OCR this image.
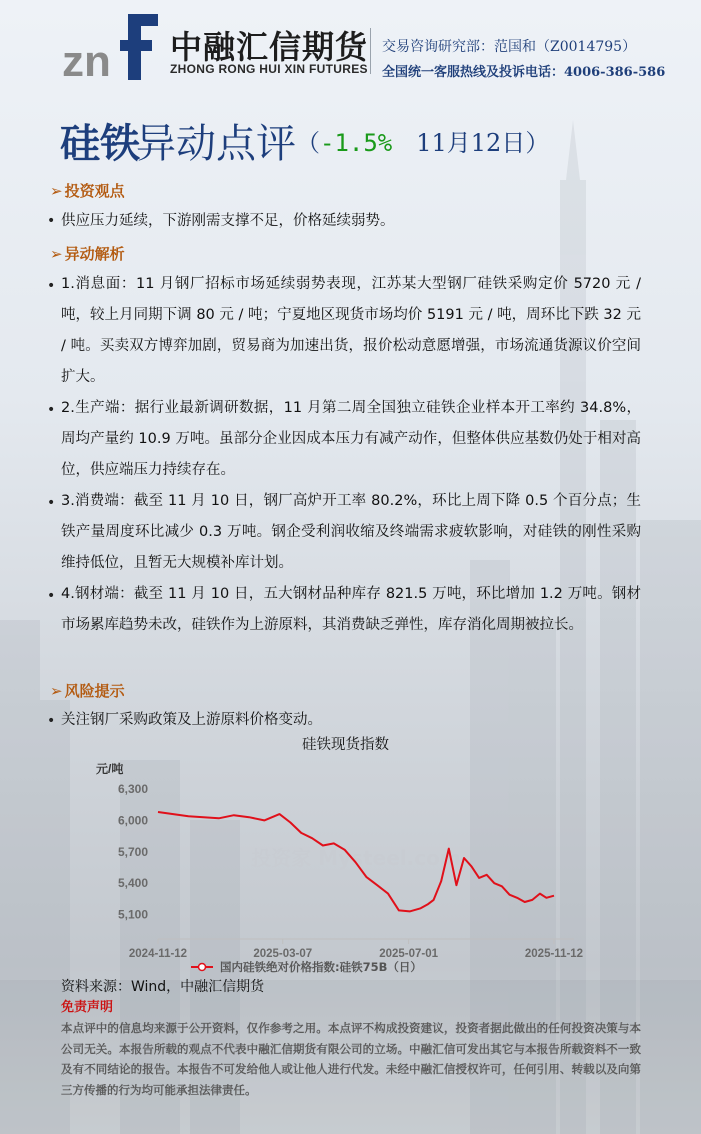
zn 中融汇信期货
ZHONG RONG HUI XIN FUTURES
交易咨询研究部：范国和（Z0014795）
全国统一客服热线及投诉电话：4006-386-586
硅铁异动点评（-1.5% 11月12日）
➢ 投资观点
• 供应压力延续，下游刚需支撑不足，价格延续弱势。
➢ 异动解析
• 1.消息面：11 月钢厂招标市场延续弱势表现，江苏某大型钢厂硅铁采购定价 5720 元 / 吨，较上月同期下调 80 元 / 吨；宁夏地区现货市场均价 5191 元 / 吨，周环比下跌 32 元 / 吨。买卖双方博弈加剧，贸易商为加速出货，报价松动意愿增强，市场流通货源议价空间扩大。
• 2.生产端：据行业最新调研数据，11 月第二周全国独立硅铁企业样本开工率约 34.8%，周均产量约 10.9 万吨。虽部分企业因成本压力有减产动作，但整体供应基数仍处于相对高位，供应端压力持续存在。
• 3.消费端：截至 11 月 10 日，钢厂高炉开工率 80.2%，环比上周下降 0.5 个百分点；生铁产量周度环比减少 0.3 万吨。钢企受利润收缩及终端需求疲软影响，对硅铁的刚性采购维持低位，且暂无大规模补库计划。
• 4.钢材端：截至 11 月 10 日，五大钢材品种库存 821.5 万吨，环比增加 1.2 万吨。钢材市场累库趋势未改，硅铁作为上游原料，其消费缺乏弹性，库存消化周期被拉长。
➢ 风险提示
• 关注钢厂采购政策及上游原料价格变动。
硅铁现货指数
元/吨
5,100
5,400
5,700
6,000
6,300
2024-11-12	2025-03-07	2025-07-01	2025-11-12
投资家 Mysteel.com
国内硅铁绝对价格指数:硅铁75B（日）
资料来源：Wind，中融汇信期货
免责声明
本点评中的信息均来源于公开资料，仅作参考之用。本点评不构成投资建议，投资者据此做出的任何投资决策与本公司无关。本报告所载的观点不代表中融汇信期货有限公司的立场。中融汇信可发出其它与本报告所载资料不一致及有不同结论的报告。本报告不可发给他人或让他人进行代发。未经中融汇信授权许可，任何引用、转载以及向第三方传播的行为均可能承担法律责任。
